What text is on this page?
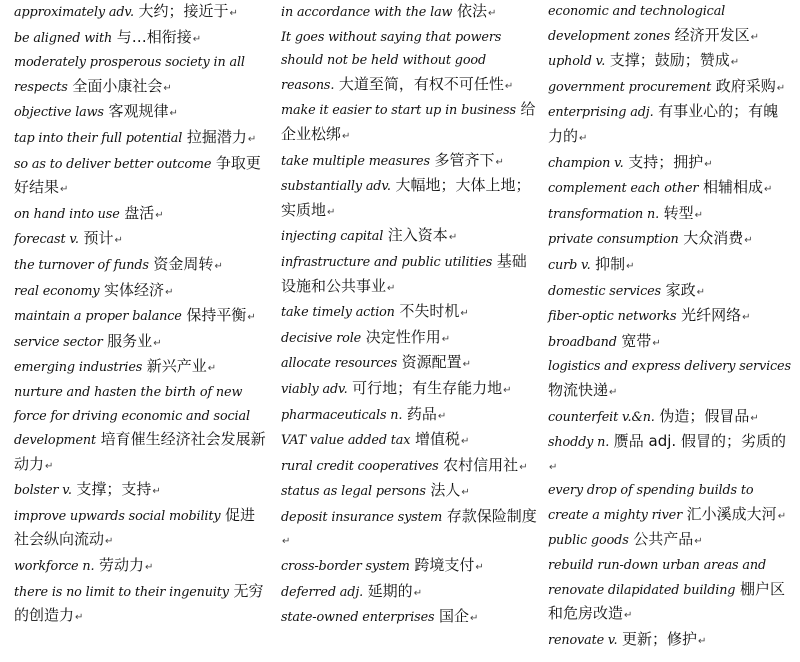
approximately adv. 大约；接近于↵

be aligned with 与…相衔接↵

moderately prosperous society in all respects 全面小康社会↵

objective laws 客观规律↵

tap into their full potential 拉掘潜力↵

so as to deliver better outcome 争取更好结果↵

on hand into use 盘活↵

forecast v. 预计↵

the turnover of funds 资金周转↵

real economy 实体经济↵

maintain a proper balance 保持平衡↵

service sector 服务业↵

emerging industries 新兴产业↵

nurture and hasten the birth of new force for driving economic and social development 培育催生经济社会发展新动力↵

bolster v. 支撑；支持↵

improve upwards social mobility 促进社会纵向流动↵

workforce n. 劳动力↵

there is no limit to their ingenuity 无穷的创造力↵

in accordance with the law 依法↵

It goes without saying that powers should not be held without good reasons. 大道至简，有权不可任性↵

make it easier to start up in business 给企业松绑↵

take multiple measures 多管齐下↵

substantially adv. 大幅地；大体上地；实质地↵

injecting capital 注入资本↵

infrastructure and public utilities 基础设施和公共事业↵

take timely action 不失时机↵

decisive role 决定性作用↵

allocate resources 资源配置↵

viably adv. 可行地；有生存能力地↵

pharmaceuticals n. 药品↵

VAT value added tax 增值税↵

rural credit cooperatives 农村信用社↵

status as legal persons 法人↵

deposit insurance system 存款保险制度↵

cross-border system 跨境支付↵

deferred adj. 延期的↵

state-owned enterprises 国企↵

economic and technological development zones 经济开发区↵

uphold v. 支撑；鼓励；赞成↵

government procurement 政府采购↵

enterprising adj. 有事业心的；有魄力的↵

champion v. 支持；拥护↵

complement each other 相辅相成↵

transformation n. 转型↵

private consumption 大众消费↵

curb v. 抑制↵

domestic services 家政↵

fiber-optic networks 光纤网络↵

broadband 宽带↵

logistics and express delivery services 物流快递↵

counterfeit v.&n. 伪造；假冒品↵

shoddy n. 赝品 adj. 假冒的；劣质的↵

every drop of spending builds to create a mighty river 汇小溪成大河↵

public goods 公共产品↵

rebuild run-down urban areas and renovate dilapidated building 棚户区和危房改造↵

renovate v. 更新；修护↵
